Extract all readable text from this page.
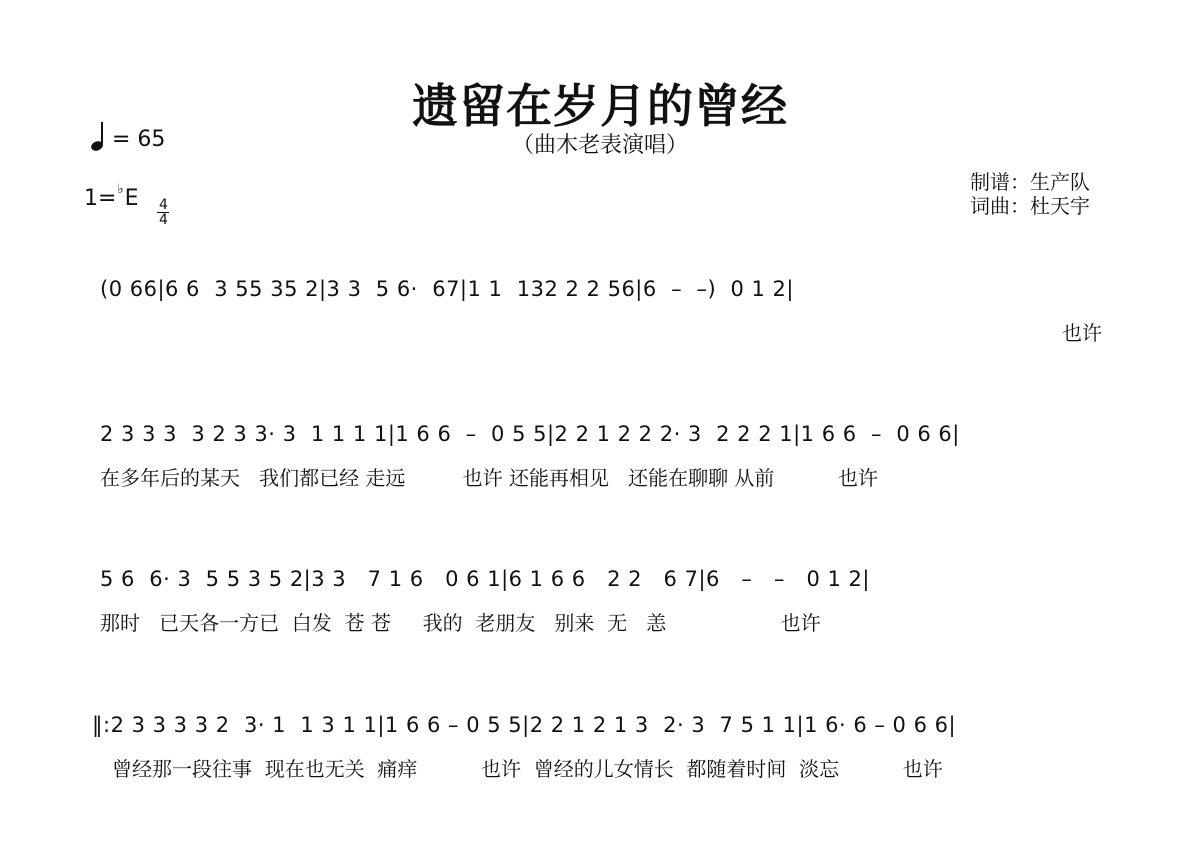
遗留在岁月的曾经
（曲木老表演唱）
= 65
$1=^♭E \frac{4}{4}$
制谱：生产队
词曲：杜天宇
(0 66|6 6  3 55 35 2|3 3  5 6·  67|1 1  132 2 2 56|6  –  –)  0 1 2|
也许
2 3 3 3  3 2 3 3· 3  1 1 1 1|1 6 6  –  0 5 5|2 2 1 2 2 2· 3  2 2 2 1|1 6 6  –  0 6 6|
在多年后的某天   我们都已经 走远         也许 还能再相见   还能在聊聊 从前          也许
5 6  6· 3  5 5 3 5 2|3 3   7 1 6   0 6 1|6 1 6 6   2 2   6 7|6   –   –   0 1 2|
那时   已天各一方已  白发  苍 苍     我的  老朋友   别来  无   恙                  也许
‖:2 3 3 3 3 2  3· 1  1 3 1 1|1 6 6 – 0 5 5|2 2 1 2 1 3  2· 3  7 5 1 1|1 6· 6 – 0 6 6|
曾经那一段往事  现在也无关  痛痒          也许  曾经的儿女情长  都随着时间  淡忘          也许
